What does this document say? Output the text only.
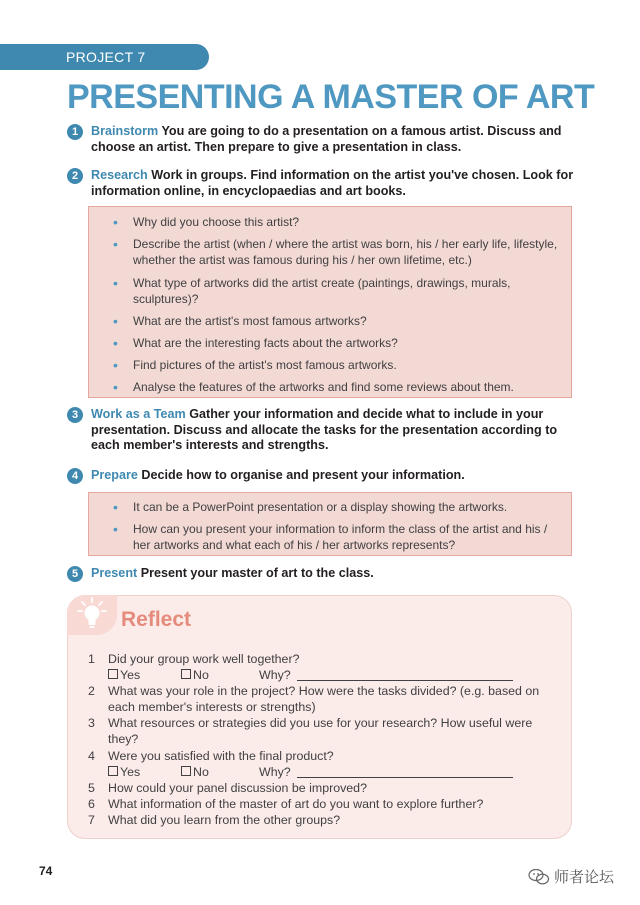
PROJECT 7
PRESENTING A MASTER OF ART
1	Brainstorm You are going to do a presentation on a famous artist. Discuss and choose an artist. Then prepare to give a presentation in class.
2	Research Work in groups. Find information on the artist you've chosen. Look for information online, in encyclopaedias and art books.
• Why did you choose this artist?
• Describe the artist (when / where the artist was born, his / her early life, lifestyle, whether the artist was famous during his / her own lifetime, etc.)
• What type of artworks did the artist create (paintings, drawings, murals, sculptures)?
• What are the artist's most famous artworks?
• What are the interesting facts about the artworks?
• Find pictures of the artist's most famous artworks.
• Analyse the features of the artworks and find some reviews about them.
3	Work as a Team Gather your information and decide what to include in your presentation. Discuss and allocate the tasks for the presentation according to each member's interests and strengths.
4	Prepare Decide how to organise and present your information.
• It can be a PowerPoint presentation or a display showing the artworks.
• How can you present your information to inform the class of the artist and his / her artworks and what each of his / her artworks represents?
5	Present Present your master of art to the class.
Reflect
1 Did your group work well together?
Yes	No	Why?
2 What was your role in the project? How were the tasks divided? (e.g. based on each member's interests or strengths)
3 What resources or strategies did you use for your research? How useful were they?
4 Were you satisfied with the final product?
Yes	No	Why?
5 How could your panel discussion be improved?
6 What information of the master of art do you want to explore further?
7 What did you learn from the other groups?
74	师者论坛
